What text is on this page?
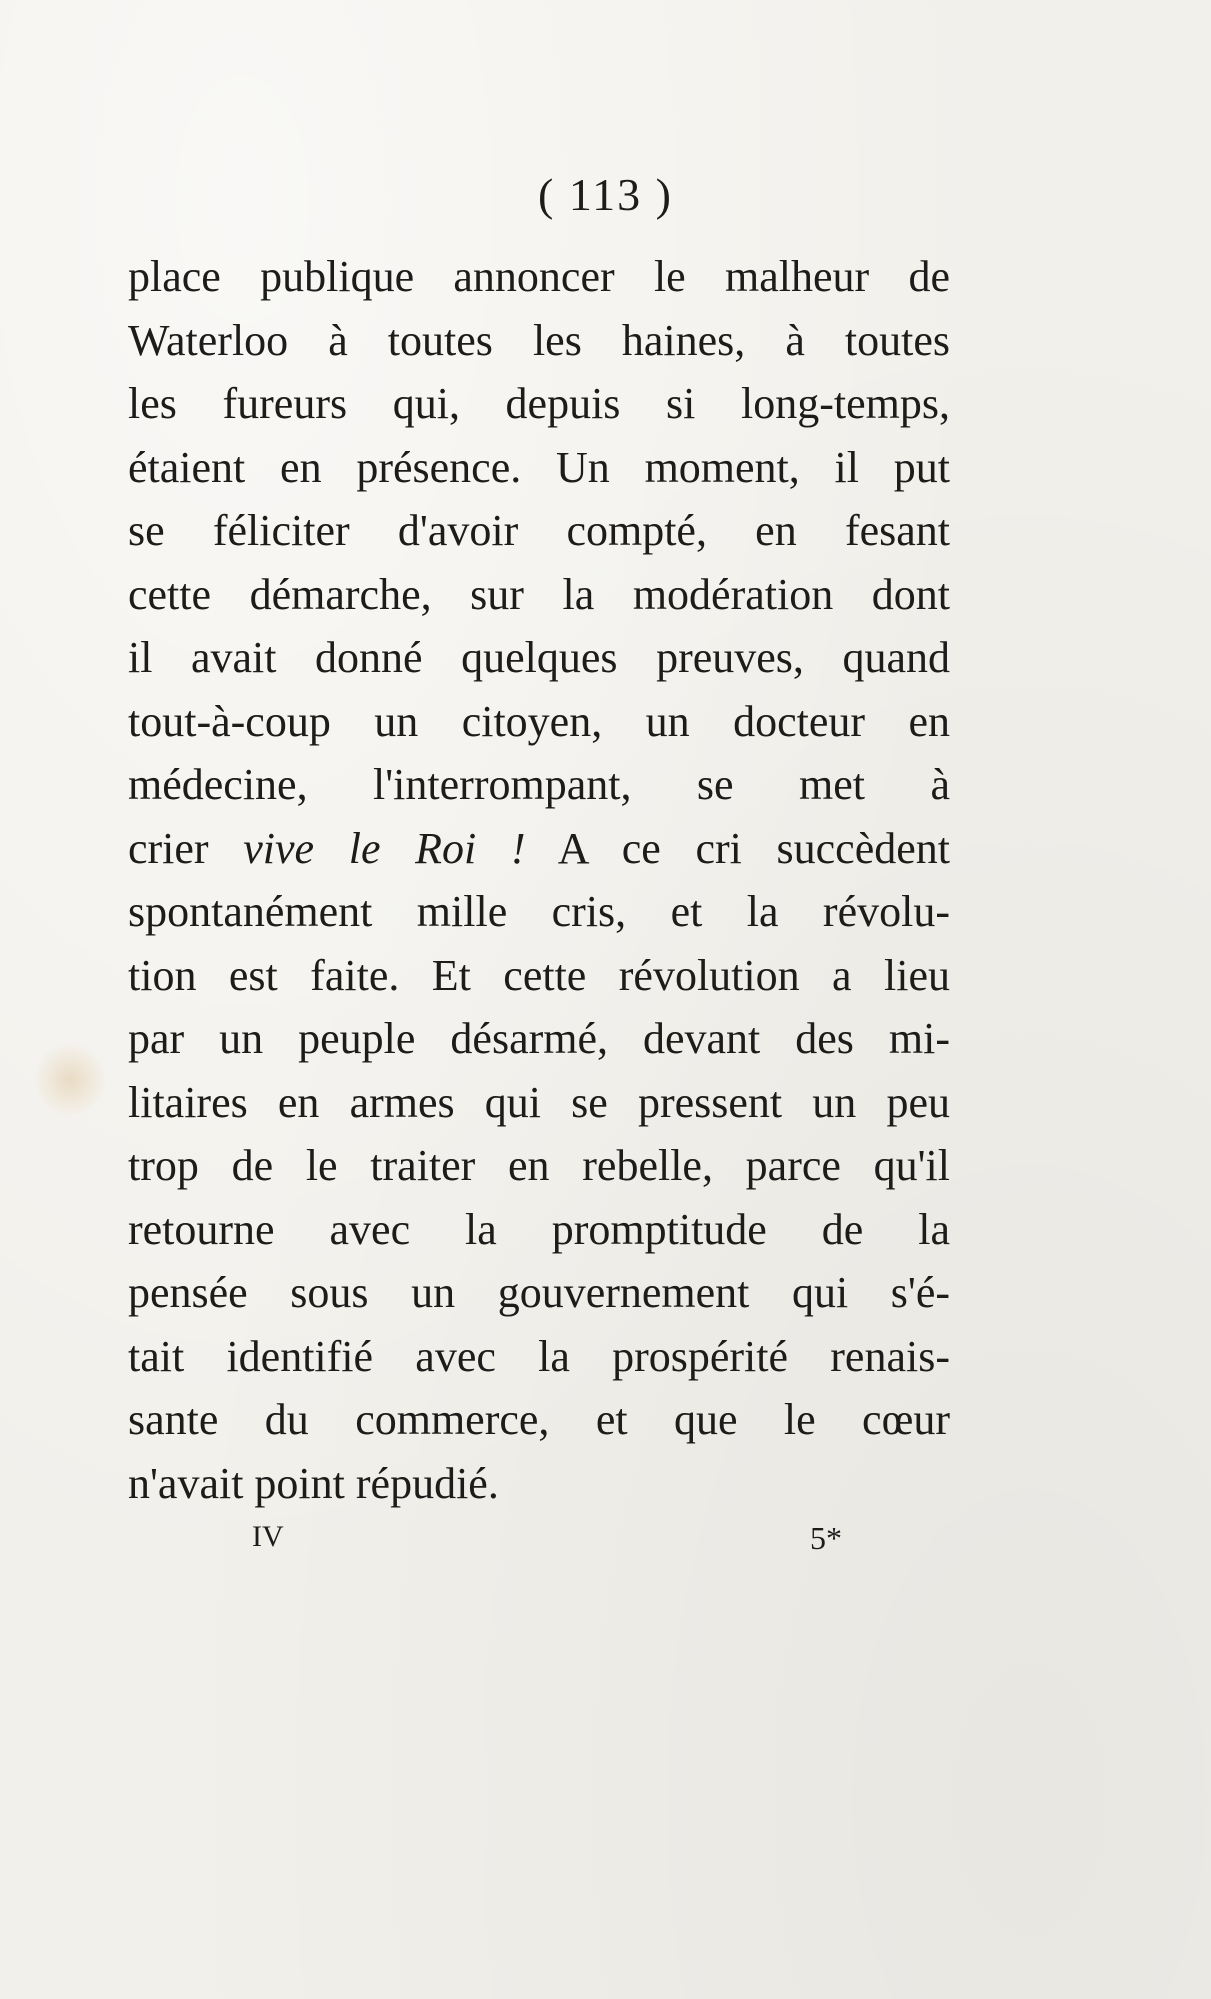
( 113 )
place publique annoncer le malheur de
Waterloo à toutes les haines, à toutes
les fureurs qui, depuis si long-temps,
étaient en présence. Un moment, il put
se féliciter d'avoir compté, en fesant
cette démarche, sur la modération dont
il avait donné quelques preuves, quand
tout-à-coup un citoyen, un docteur en
médecine, l'interrompant, se met à
crier vive le Roi ! A ce cri succèdent
spontanément mille cris, et la révolu-
tion est faite. Et cette révolution a lieu
par un peuple désarmé, devant des mi-
litaires en armes qui se pressent un peu
trop de le traiter en rebelle, parce qu'il
retourne avec la promptitude de la
pensée sous un gouvernement qui s'é-
tait identifié avec la prospérité renais-
sante du commerce, et que le cœur
n'avait point répudié.
IV	5*
